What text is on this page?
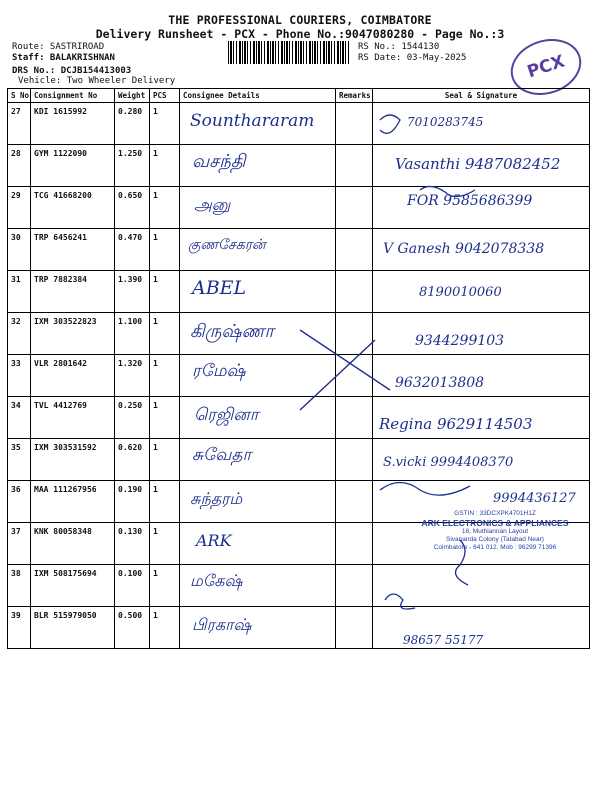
THE PROFESSIONAL COURIERS, COIMBATORE
Delivery Runsheet - PCX - Phone No.:9047080280 - Page No.:3
Route: SASTRIROAD
Staff: BALAKRISHNAN
DRS No.: DCJB154413003
Vehicle: Two Wheeler Delivery
RS No.: 1544130
RS Date: 03-May-2025	PCX
S No	Consignment No	Weight	PCS	Consignee Details	Remarks	Seal & Signature
27	KDI 1615992	0.280	1	Sounthararam		7010283745

28	GYM 1122090	1.250	1	வசந்தி		Vasanthi 9487082452

29	TCG 41668200	0.650	1	அனு		FOR 9585686399

30	TRP 6456241	0.470	1	குணசேகரன்		V Ganesh 9042078338

31	TRP 7882384	1.390	1	ABEL		8190010060

32	IXM 303522823	1.100	1	கிருஷ்ணா		9344299103

33	VLR 2801642	1.320	1	ரமேஷ்		9632013808

34	TVL 4412769	0.250	1	ரெஜினா		Regina 9629114503

35	IXM 303531592	0.620	1	சுவேதா		S.vicki 9994408370

36	MAA 111267956	0.190	1	சுந்தரம்		9994436127

37	KNK 80058348	0.130	1	ARK		

38	IXM 508175694	0.100	1	மகேஷ்		

39	BLR 515979050	0.500	1	பிரகாஷ்		98657 55177
GSTIN : 33DCXPK4701H1Z
ARK ELECTRONICS & APPLIANCES
18, Muthiannan Layout
Sivananda Colony (Tatabad Near)
Coimbatore - 641 012. Mob : 96299 71396
